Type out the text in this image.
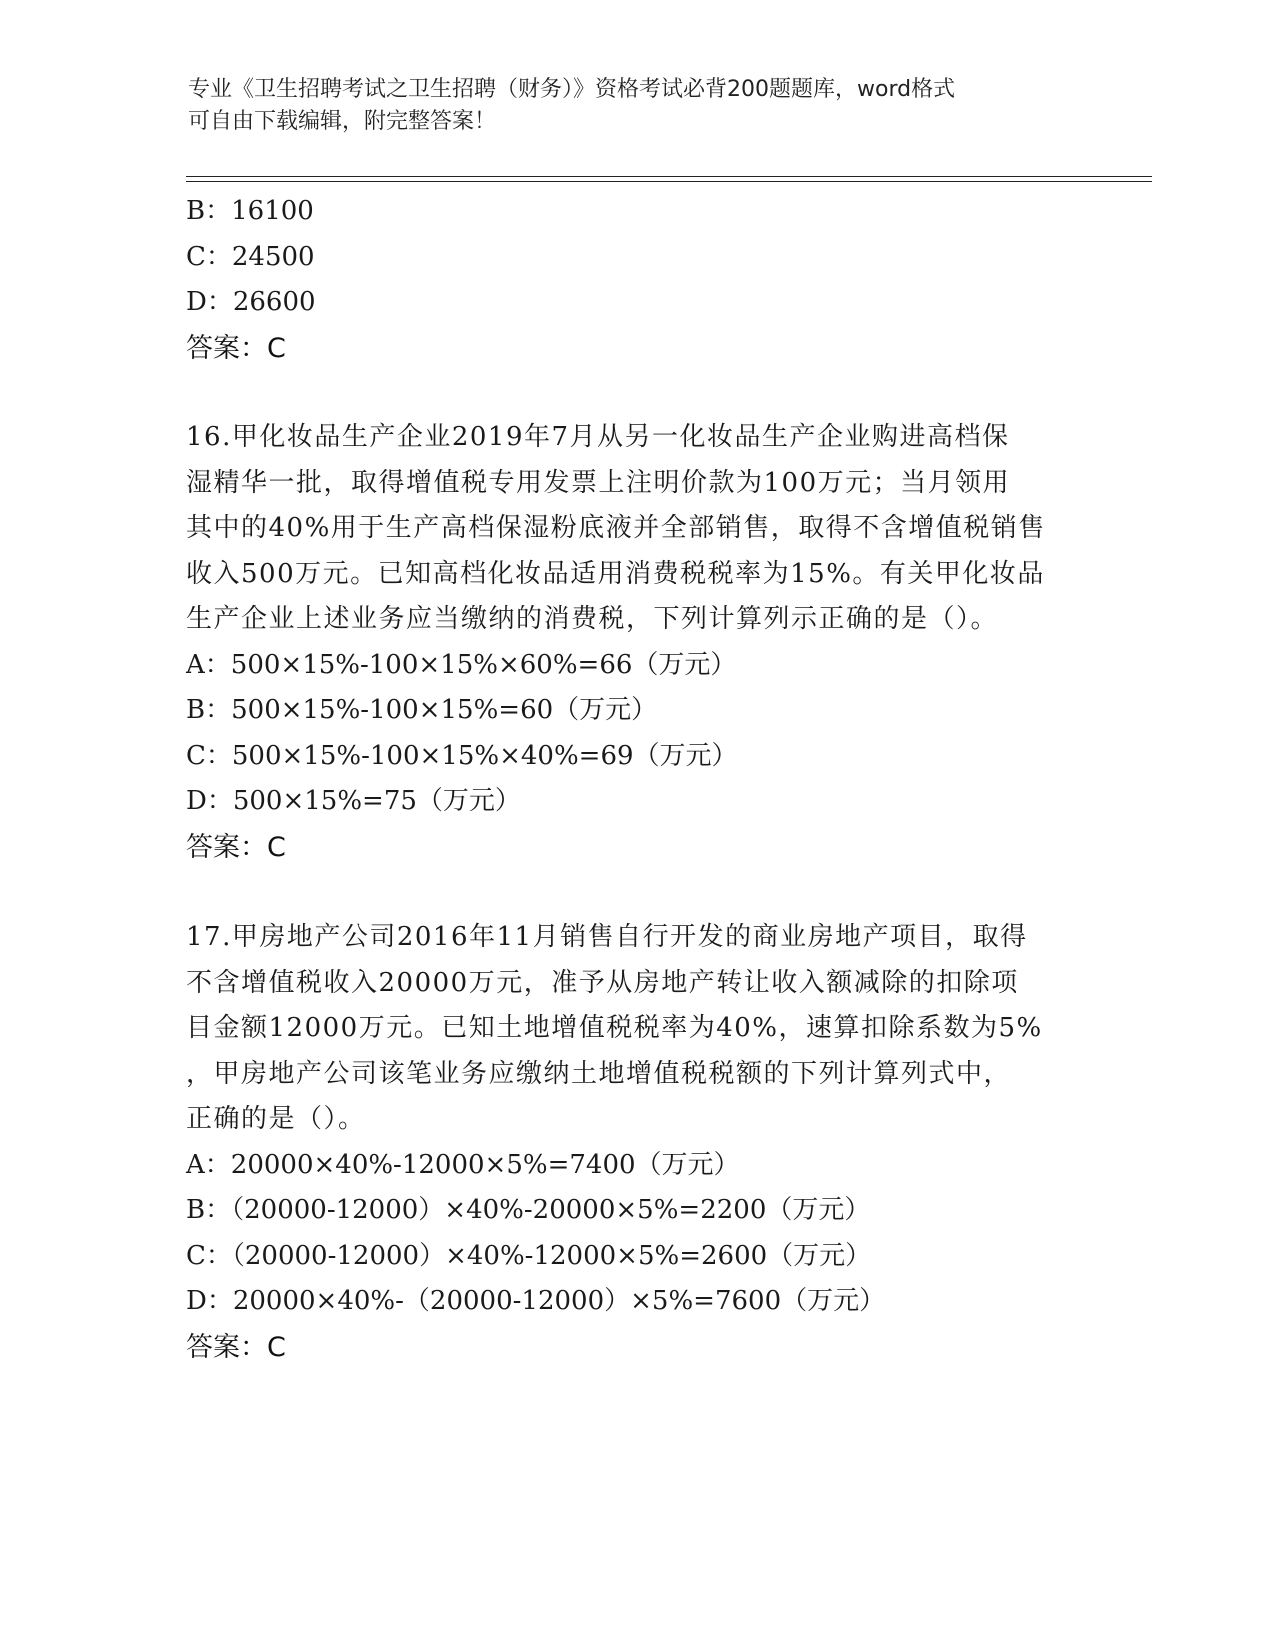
专业《卫生招聘考试之卫生招聘（财务）》资格考试必背200题题库，word格式
可自由下载编辑，附完整答案！
B：16100
C：24500
D：26600
答案：C
16.甲化妆品生产企业2019年7月从另一化妆品生产企业购进高档保
湿精华一批，取得增值税专用发票上注明价款为100万元；当月领用
其中的40%用于生产高档保湿粉底液并全部销售，取得不含增值税销售
收入500万元。已知高档化妆品适用消费税税率为15%。有关甲化妆品
生产企业上述业务应当缴纳的消费税，下列计算列示正确的是（）。
A：500×15%-100×15%×60%=66（万元）
B：500×15%-100×15%=60（万元）
C：500×15%-100×15%×40%=69（万元）
D：500×15%=75（万元）
答案：C
17.甲房地产公司2016年11月销售自行开发的商业房地产项目，取得
不含增值税收入20000万元，准予从房地产转让收入额减除的扣除项
目金额12000万元。已知土地增值税税率为40%，速算扣除系数为5%
，甲房地产公司该笔业务应缴纳土地增值税税额的下列计算列式中，
正确的是（）。
A：20000×40%-12000×5%=7400（万元）
B：（20000-12000）×40%-20000×5%=2200（万元）
C：（20000-12000）×40%-12000×5%=2600（万元）
D：20000×40%-（20000-12000）×5%=7600（万元）
答案：C
